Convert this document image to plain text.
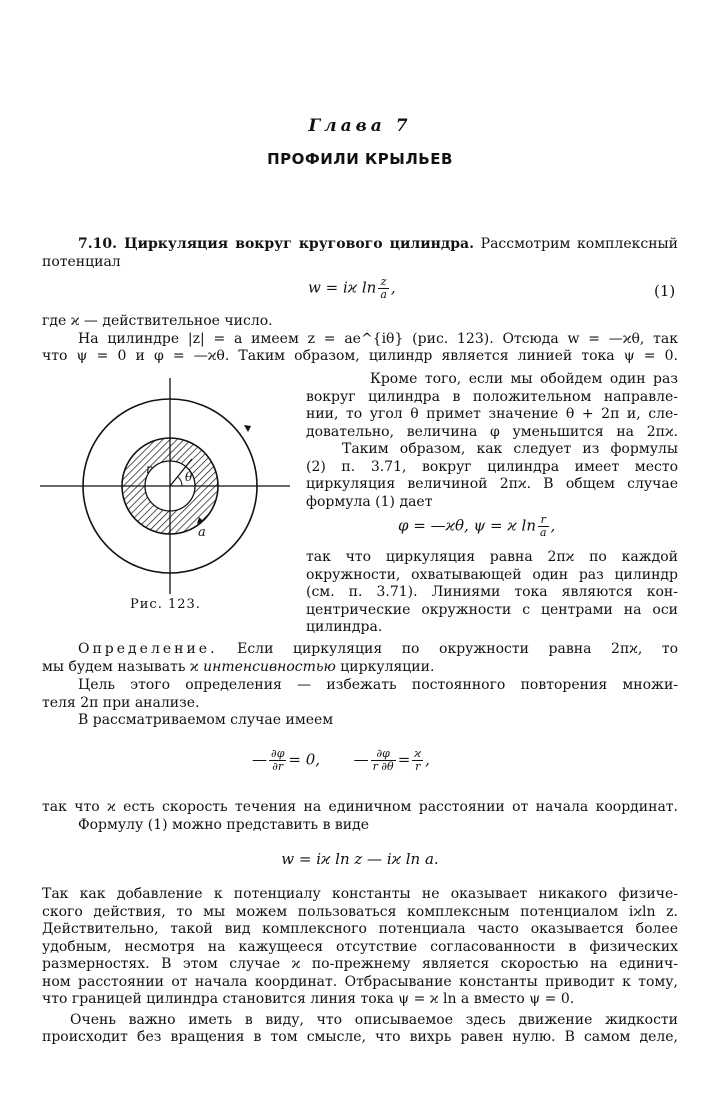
Глава 7
ПРОФИЛИ КРЫЛЬЕВ
7.10. Циркуляция вокруг кругового цилиндра. Рассмотрим комплексный
потенциал
w = iϰ $\ln \frac{z}{a}$ ,	(1)
где ϰ — действительное число.
На цилиндре |z| = a имеем z = ae^{iθ} (рис. 123). Отсюда w = —ϰθ, так
что ψ = 0 и φ = —ϰθ. Таким образом, цилиндр является линией тока ψ = 0.
Кроме того, если мы обойдем один раз
вокруг цилиндра в положительном направле-
нии, то угол θ примет значение θ + 2π и, сле-
довательно, величина φ уменьшится на 2πϰ.
Таким образом, как следует из формулы
(2) п. 3.71, вокруг цилиндра имеет место
циркуляция величиной 2πϰ. В общем случае
формула (1) дает
φ = —ϰθ, ψ = ϰ $\ln \frac{r}{a}$ ,
так что циркуляция равна 2πϰ по каждой
окружности, охватывающей один раз цилиндр
(см. п. 3.71). Линиями тока являются кон-
центрические окружности с центрами на оси
цилиндра.
θ
r
a
Рис. 123.
Определение. Если циркуляция по окружности равна 2πϰ, то
мы будем называть ϰ интенсивностью циркуляции.
Цель этого определения — избежать постоянного повторения множи-
теля 2π при анализе.
В рассматриваемом случае имеем
— $\frac{\partial\varphi}{\partial r} = 0$, — $\frac{\partial\varphi}{r \partial\theta} = \frac{ϰ}{r}$ ,
так что ϰ есть скорость течения на единичном расстоянии от начала координат.
Формулу (1) можно представить в виде
w = iϰ ln z — iϰ ln a.
Так как добавление к потенциалу константы не оказывает никакого физиче-
ского действия, то мы можем пользоваться комплексным потенциалом iϰln z.
Действительно, такой вид комплексного потенциала часто оказывается более
удобным, несмотря на кажущееся отсутствие согласованности в физических
размерностях. В этом случае ϰ по-прежнему является скоростью на единич-
ном расстоянии от начала координат. Отбрасывание константы приводит к тому,
что границей цилиндра становится линия тока ψ = ϰ ln a вместо ψ = 0.
Очень важно иметь в виду, что описываемое здесь движение жидкости
происходит без вращения в том смысле, что вихрь равен нулю. В самом деле,
